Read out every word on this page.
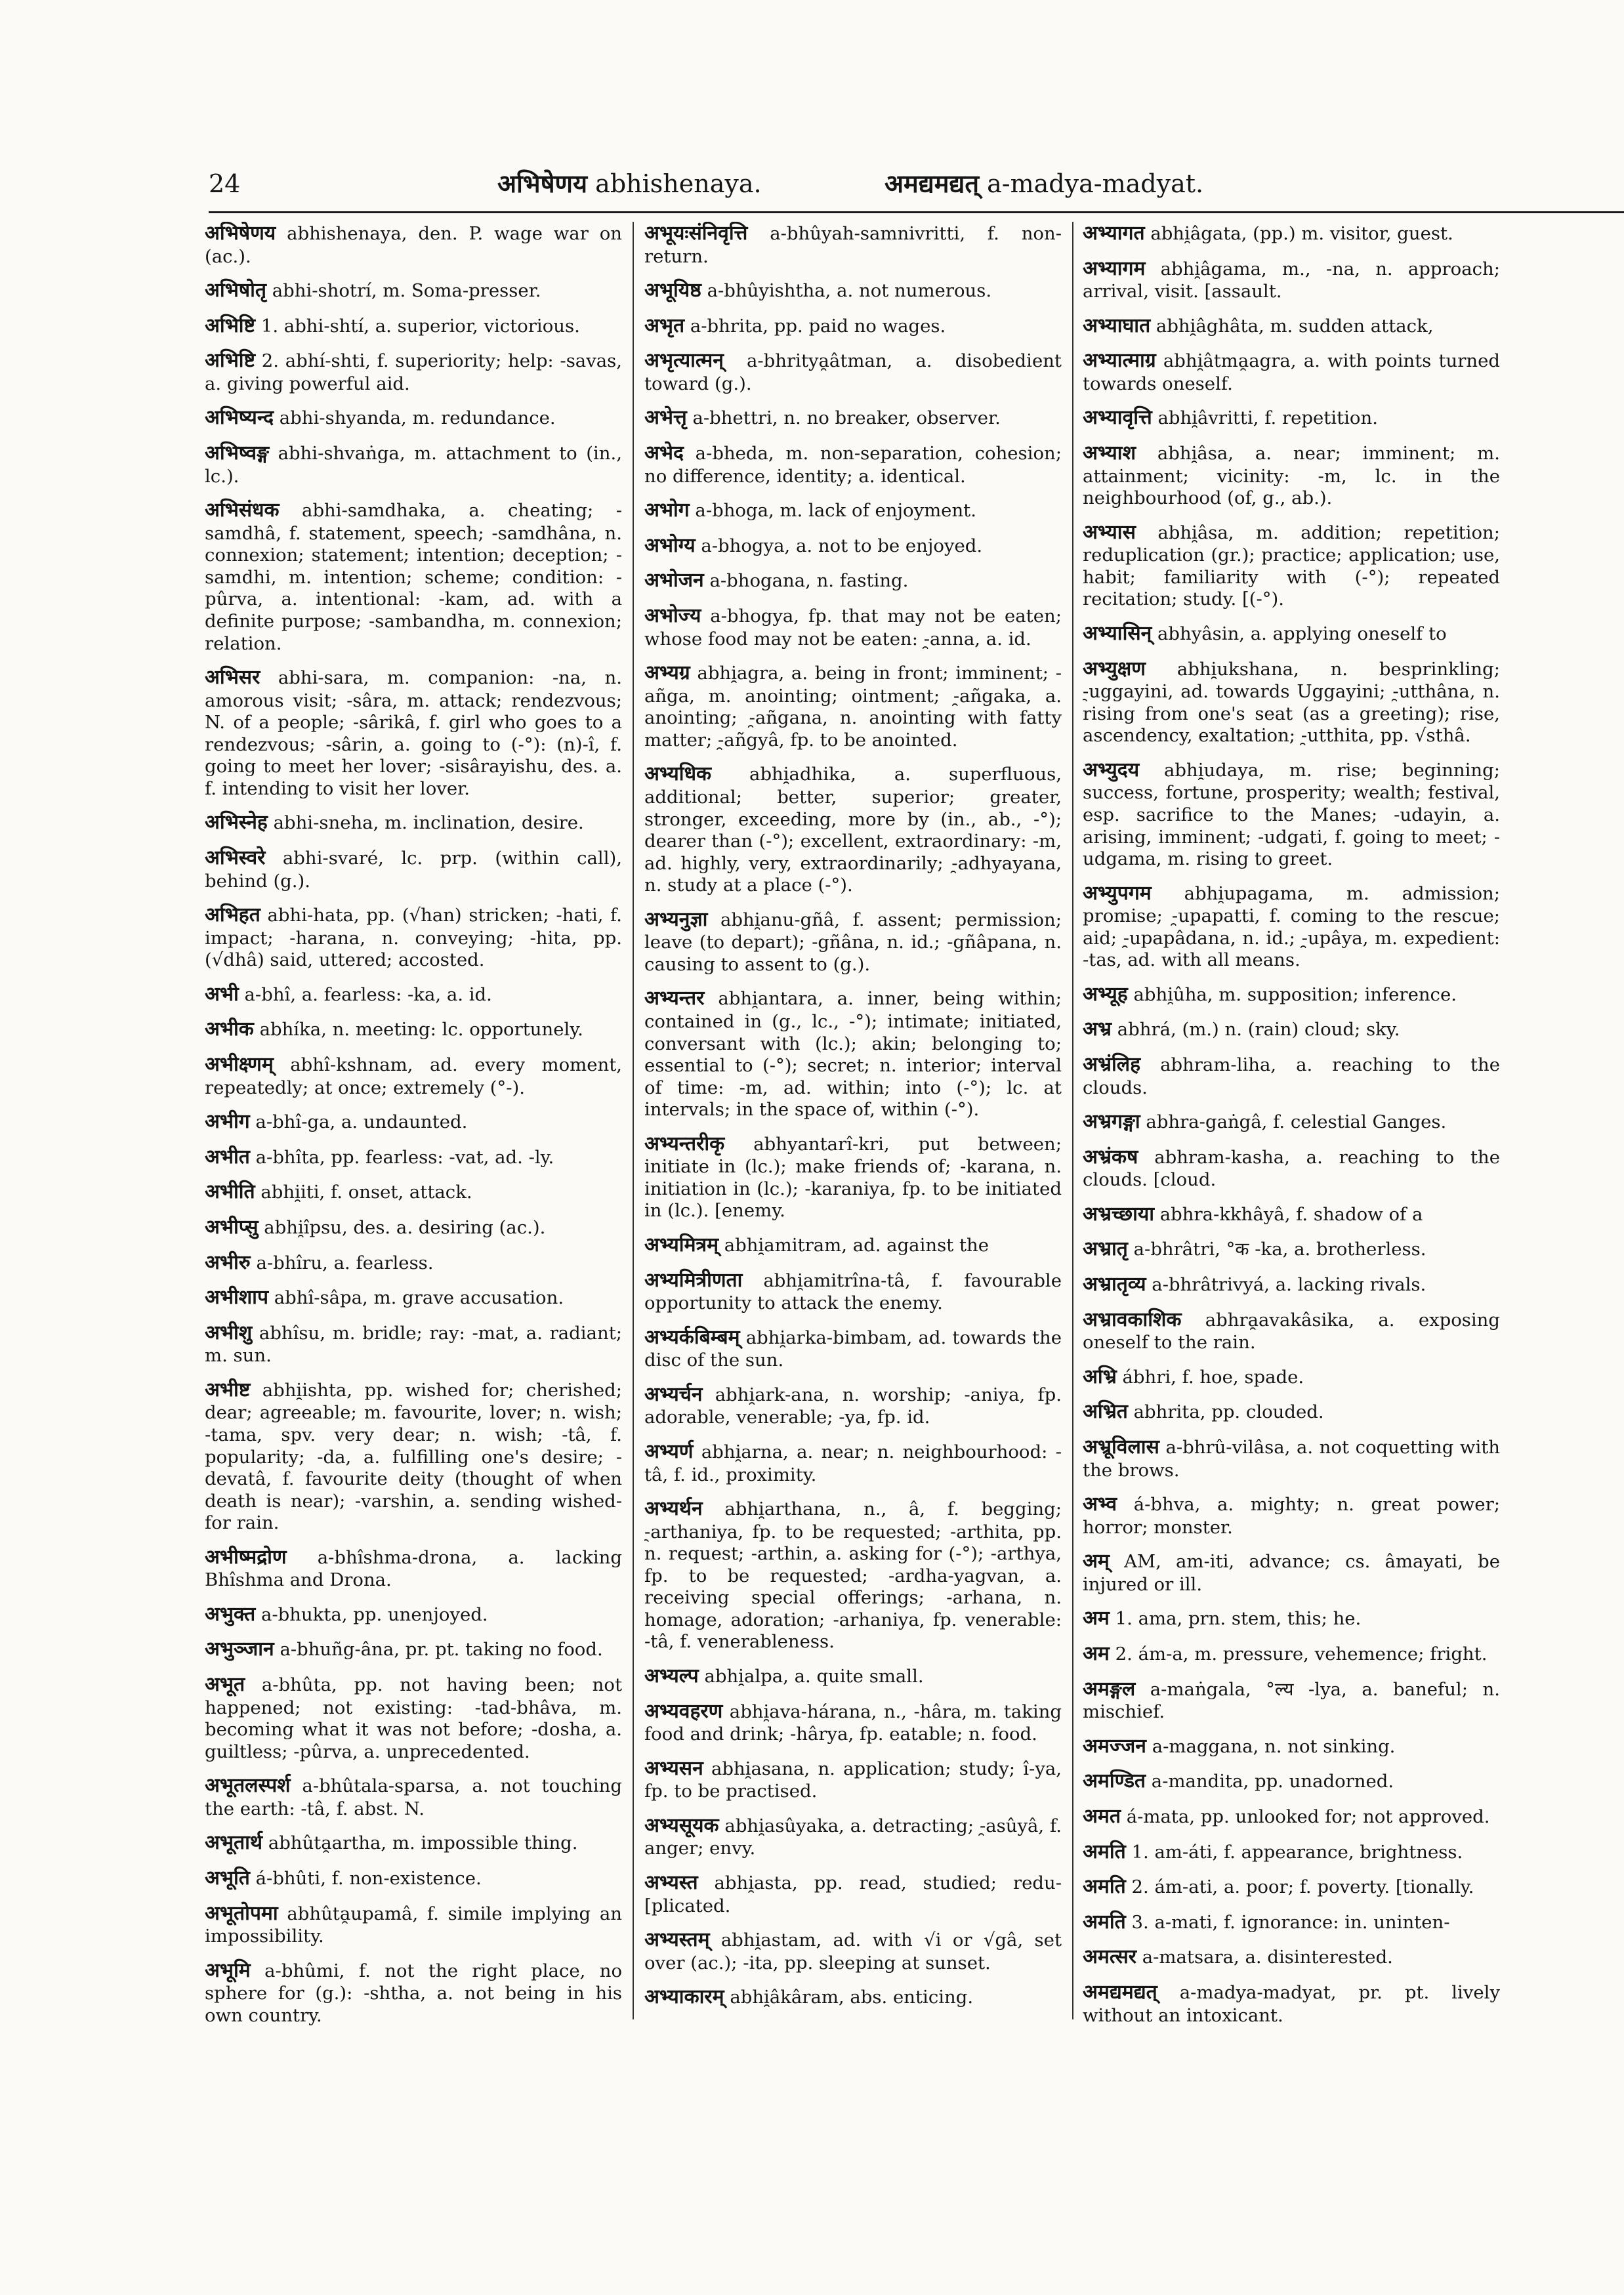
24	अभिषेणय abhishenaya.	अमद्यमद्यत् a-madya-madyat.

अभिषेणय abhishenaya, den. P. wage war on (ac.).

अभिषोतृ abhi-shotrí, m. Soma-presser.

अभिष्टि 1. abhi-shtí, a. superior, victorious.

अभिष्टि 2. abhí-shti, f. superiority; help: -savas, a. giving powerful aid.

अभिष्यन्द abhi-shyanda, m. redundance.

अभिष्वङ्ग abhi-shvaṅga, m. attachment to (in., lc.).

अभिसंधक abhi-samdhaka, a. cheating; -samdhâ, f. statement, speech; -samdhâna, n. connexion; statement; intention; deception; -samdhi, m. intention; scheme; condition: -pûrva, a. intentional: -kam, ad. with a definite purpose; -sambandha, m. connexion; relation.

अभिसर abhi-sara, m. companion: -na, n. amorous visit; -sâra, m. attack; rendezvous; N. of a people; -sârikâ, f. girl who goes to a rendezvous; -sârin, a. going to (-°): (n)-î, f. going to meet her lover; -sisârayishu, des. a. f. intending to visit her lover.

अभिस्नेह abhi-sneha, m. inclination, desire.

अभिस्वरे abhi-svaré, lc. prp. (within call), behind (g.).

अभिहत abhi-hata, pp. (√han) stricken; -hati, f. impact; -harana, n. conveying; -hita, pp. (√dhâ) said, uttered; accosted.

अभी a-bhî, a. fearless: -ka, a. id.

अभीक abhíka, n. meeting: lc. opportunely.

अभीक्ष्णम् abhî-kshnam, ad. every moment, repeatedly; at once; extremely (°-).

अभीग a-bhî-ga, a. undaunted.

अभीत a-bhîta, pp. fearless: -vat, ad. -ly.

अभीति abhi̯iti, f. onset, attack.

अभीप्सु abhi̯îpsu, des. a. desiring (ac.).

अभीरु a-bhîru, a. fearless.

अभीशाप abhî-sâpa, m. grave accusation.

अभीशु abhîsu, m. bridle; ray: -mat, a. radiant; m. sun.

अभीष्ट abhi̯ishta, pp. wished for; cherished; dear; agreeable; m. favourite, lover; n. wish; -tama, spv. very dear; n. wish; -tâ, f. popularity; -da, a. fulfilling one's desire; -devatâ, f. favourite deity (thought of when death is near); -varshin, a. sending wished-for rain.

अभीष्मद्रोण a-bhîshma-drona, a. lacking Bhîshma and Drona.

अभुक्त a-bhukta, pp. unenjoyed.

अभुञ्जान a-bhuñg-âna, pr. pt. taking no food.

अभूत a-bhûta, pp. not having been; not happened; not existing: -tad-bhâva, m. becoming what it was not before; -dosha, a. guiltless; -pûrva, a. unprecedented.

अभूतलस्पर्श a-bhûtala-sparsa, a. not touching the earth: -tâ, f. abst. N.

अभूतार्थ abhûta̯artha, m. impossible thing.

अभूति á-bhûti, f. non-existence.

अभूतोपमा abhûta̯upamâ, f. simile implying an impossibility.

अभूमि a-bhûmi, f. not the right place, no sphere for (g.): -shtha, a. not being in his own country.

अभूयःसंनिवृत्ति a-bhûyah-samnivritti, f. non-return.

अभूयिष्ठ a-bhûyishtha, a. not numerous.

अभृत a-bhrita, pp. paid no wages.

अभृत्यात्मन् a-bhritya̯âtman, a. disobedient toward (g.).

अभेत्तृ a-bhettri, n. no breaker, observer.

अभेद a-bheda, m. non-separation, cohesion; no difference, identity; a. identical.

अभोग a-bhoga, m. lack of enjoyment.

अभोग्य a-bhogya, a. not to be enjoyed.

अभोजन a-bhogana, n. fasting.

अभोज्य a-bhogya, fp. that may not be eaten; whose food may not be eaten: -̯anna, a. id.

अभ्यग्र abhi̯agra, a. being in front; imminent; -añga, m. anointing; ointment; -̯añgaka, a. anointing; -̯añgana, n. anointing with fatty matter; -̯añgyâ, fp. to be anointed.

अभ्यधिक abhi̯adhika, a. superfluous, additional; better, superior; greater, stronger, exceeding, more by (in., ab., -°); dearer than (-°); excellent, extraordinary: -m, ad. highly, very, extraordinarily; -̯adhyayana, n. study at a place (-°).

अभ्यनुज्ञा abhi̯anu-gñâ, f. assent; permission; leave (to depart); -gñâna, n. id.; -gñâpana, n. causing to assent to (g.).

अभ्यन्तर abhi̯antara, a. inner, being within; contained in (g., lc., -°); intimate; initiated, conversant with (lc.); akin; belonging to; essential to (-°); secret; n. interior; interval of time: -m, ad. within; into (-°); lc. at intervals; in the space of, within (-°).

अभ्यन्तरीकृ abhyantarî-kri, put between; initiate in (lc.); make friends of; -karana, n. initiation in (lc.); -karaniya, fp. to be initiated in (lc.). [enemy.

अभ्यमित्रम् abhi̯amitram, ad. against the

अभ्यमित्रीणता abhi̯amitrîna-tâ, f. favourable opportunity to attack the enemy.

अभ्यर्कबिम्बम् abhi̯arka-bimbam, ad. towards the disc of the sun.

अभ्यर्चन abhi̯ark-ana, n. worship; -aniya, fp. adorable, venerable; -ya, fp. id.

अभ्यर्ण abhi̯arna, a. near; n. neighbourhood: -tâ, f. id., proximity.

अभ्यर्थन abhi̯arthana, n., â, f. begging; -̯arthaniya, fp. to be requested; -arthita, pp. n. request; -arthin, a. asking for (-°); -arthya, fp. to be requested; -ardha-yagvan, a. receiving special offerings; -arhana, n. homage, adoration; -arhaniya, fp. venerable: -tâ, f. venerableness.

अभ्यल्प abhi̯alpa, a. quite small.

अभ्यवहरण abhi̯ava-hárana, n., -hâra, m. taking food and drink; -hârya, fp. eatable; n. food.

अभ्यसन abhi̯asana, n. application; study; î-ya, fp. to be practised.

अभ्यसूयक abhi̯asûyaka, a. detracting; -̯asûyâ, f. anger; envy.

अभ्यस्त abhi̯asta, pp. read, studied; redu- [plicated.

अभ्यस्तम् abhi̯astam, ad. with √i or √gâ, set over (ac.); -ita, pp. sleeping at sunset.

अभ्याकारम् abhi̯âkâram, abs. enticing.

अभ्यागत abhi̯âgata, (pp.) m. visitor, guest.

अभ्यागम abhi̯âgama, m., -na, n. approach; arrival, visit. [assault.

अभ्याघात abhi̯âghâta, m. sudden attack,

अभ्यात्माग्र abhi̯âtma̯agra, a. with points turned towards oneself.

अभ्यावृत्ति abhi̯âvritti, f. repetition.

अभ्याश abhi̯âsa, a. near; imminent; m. attainment; vicinity: -m, lc. in the neighbourhood (of, g., ab.).

अभ्यास abhi̯âsa, m. addition; repetition; reduplication (gr.); practice; application; use, habit; familiarity with (-°); repeated recitation; study. [(-°).

अभ्यासिन् abhyâsin, a. applying oneself to

अभ्युक्षण abhi̯ukshana, n. besprinkling; -̯uggayini, ad. towards Uggayini; -̯utthâna, n. rising from one's seat (as a greeting); rise, ascendency, exaltation; -̯utthita, pp. √sthâ.

अभ्युदय abhi̯udaya, m. rise; beginning; success, fortune, prosperity; wealth; festival, esp. sacrifice to the Manes; -udayin, a. arising, imminent; -udgati, f. going to meet; -udgama, m. rising to greet.

अभ्युपगम abhi̯upagama, m. admission; promise; -̯upapatti, f. coming to the rescue; aid; -̯upapâdana, n. id.; -̯upâya, m. expedient: -tas, ad. with all means.

अभ्यूह abhi̯ûha, m. supposition; inference.

अभ्र abhrá, (m.) n. (rain) cloud; sky.

अभ्रंलिह abhram-liha, a. reaching to the clouds.

अभ्रगङ्गा abhra-gaṅgâ, f. celestial Ganges.

अभ्रंकष abhram-kasha, a. reaching to the clouds. [cloud.

अभ्रच्छाया abhra-kkhâyâ, f. shadow of a

अभ्रातृ a-bhrâtri, °क -ka, a. brotherless.

अभ्रातृव्य a-bhrâtrivyá, a. lacking rivals.

अभ्रावकाशिक abhra̯avakâsika, a. exposing oneself to the rain.

अभ्रि ábhri, f. hoe, spade.

अभ्रित abhrita, pp. clouded.

अभ्रूविलास a-bhrû-vilâsa, a. not coquetting with the brows.

अभ्व á-bhva, a. mighty; n. great power; horror; monster.

अम् AM, am-iti, advance; cs. âmayati, be injured or ill.

अम 1. ama, prn. stem, this; he.

अम 2. ám-a, m. pressure, vehemence; fright.

अमङ्गल a-maṅgala, °ल्य -lya, a. baneful; n. mischief.

अमज्जन a-maggana, n. not sinking.

अमण्डित a-mandita, pp. unadorned.

अमत á-mata, pp. unlooked for; not approved.

अमति 1. am-áti, f. appearance, brightness.

अमति 2. ám-ati, a. poor; f. poverty. [tionally.

अमति 3. a-mati, f. ignorance: in. uninten-

अमत्सर a-matsara, a. disinterested.

अमद्यमद्यत् a-madya-madyat, pr. pt. lively without an intoxicant.
